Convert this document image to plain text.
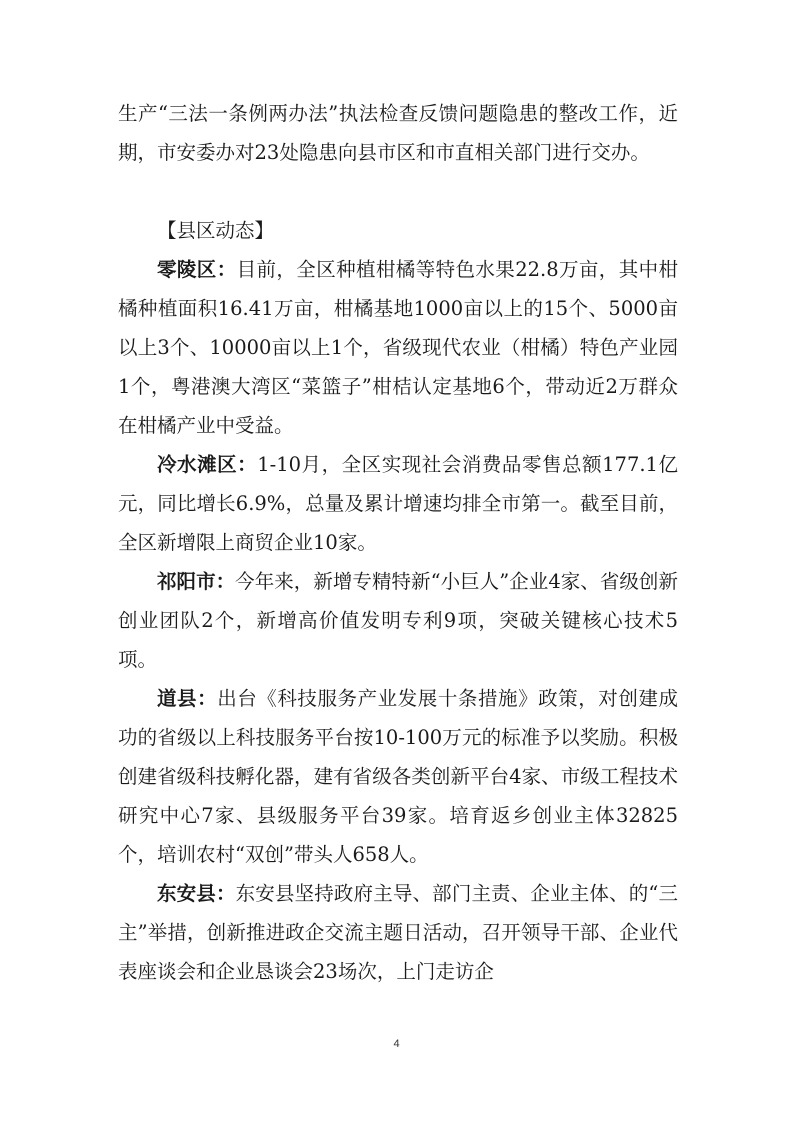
生产“三法一条例两办法”执法检查反馈问题隐患的整改工作，近期，市安委办对23处隐患向县市区和市直相关部门进行交办。

【县区动态】

零陵区：目前，全区种植柑橘等特色水果22.8万亩，其中柑橘种植面积16.41万亩，柑橘基地1000亩以上的15个、5000亩以上3个、10000亩以上1个，省级现代农业（柑橘）特色产业园1个，粤港澳大湾区“菜篮子”柑桔认定基地6个，带动近2万群众在柑橘产业中受益。

冷水滩区：1-10月，全区实现社会消费品零售总额177.1亿元，同比增长6.9%，总量及累计增速均排全市第一。截至目前，全区新增限上商贸企业10家。

祁阳市：今年来，新增专精特新“小巨人”企业4家、省级创新创业团队2个，新增高价值发明专利9项，突破关键核心技术5项。

道县：出台《科技服务产业发展十条措施》政策，对创建成功的省级以上科技服务平台按10-100万元的标准予以奖励。积极创建省级科技孵化器，建有省级各类创新平台4家、市级工程技术研究中心7家、县级服务平台39家。培育返乡创业主体32825个，培训农村“双创”带头人658人。

东安县：东安县坚持政府主导、部门主责、企业主体、的“三主”举措，创新推进政企交流主题日活动，召开领导干部、企业代表座谈会和企业恳谈会23场次，上门走访企

4
